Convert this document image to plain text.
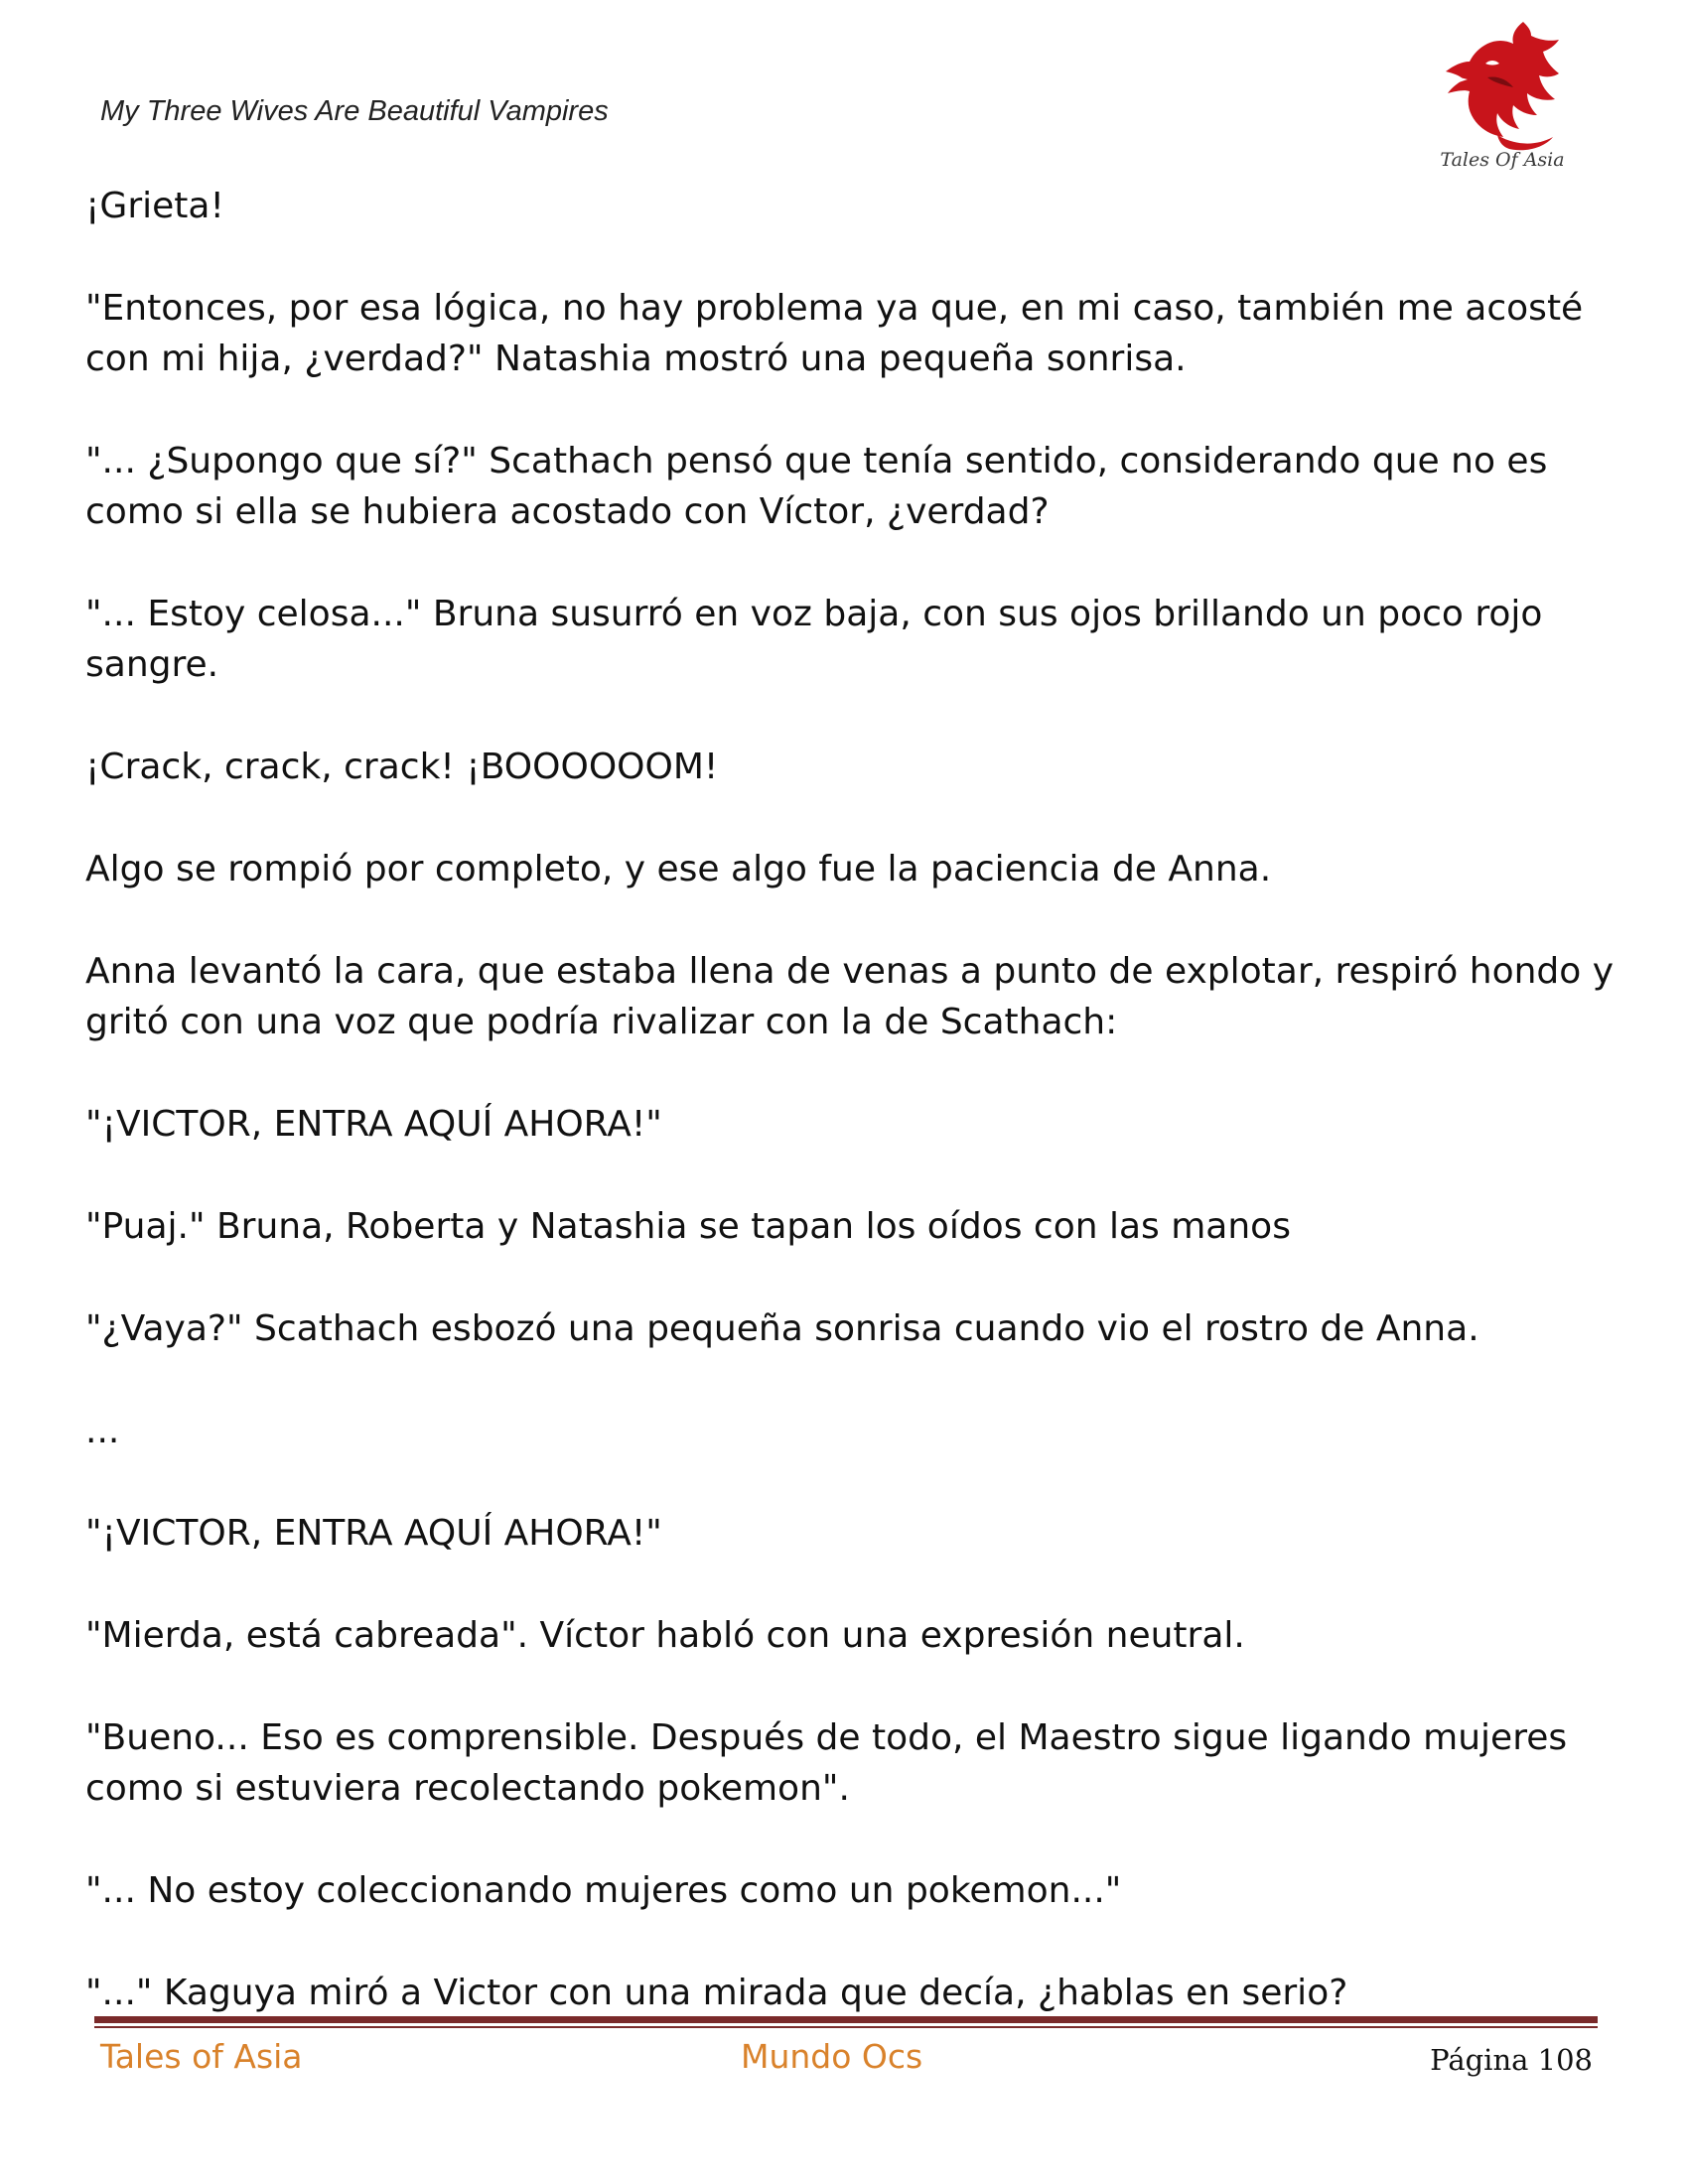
My Three Wives Are Beautiful Vampires
Tales Of Asia

¡Grieta!

"Entonces, por esa lógica, no hay problema ya que, en mi caso, también me acosté con mi hija, ¿verdad?" Natashia mostró una pequeña sonrisa.

"... ¿Supongo que sí?" Scathach pensó que tenía sentido, considerando que no es como si ella se hubiera acostado con Víctor, ¿verdad?

"... Estoy celosa..." Bruna susurró en voz baja, con sus ojos brillando un poco rojo sangre.

¡Crack, crack, crack! ¡BOOOOOOM!

Algo se rompió por completo, y ese algo fue la paciencia de Anna.

Anna levantó la cara, que estaba llena de venas a punto de explotar, respiró hondo y gritó con una voz que podría rivalizar con la de Scathach:

"¡VICTOR, ENTRA AQUÍ AHORA!"

"Puaj." Bruna, Roberta y Natashia se tapan los oídos con las manos

"¿Vaya?" Scathach esbozó una pequeña sonrisa cuando vio el rostro de Anna.

...

"¡VICTOR, ENTRA AQUÍ AHORA!"

"Mierda, está cabreada". Víctor habló con una expresión neutral.

"Bueno... Eso es comprensible. Después de todo, el Maestro sigue ligando mujeres como si estuviera recolectando pokemon".

"... No estoy coleccionando mujeres como un pokemon..."

"..." Kaguya miró a Victor con una mirada que decía, ¿hablas en serio?

Tales of Asia	Mundo Ocs	Página 108
